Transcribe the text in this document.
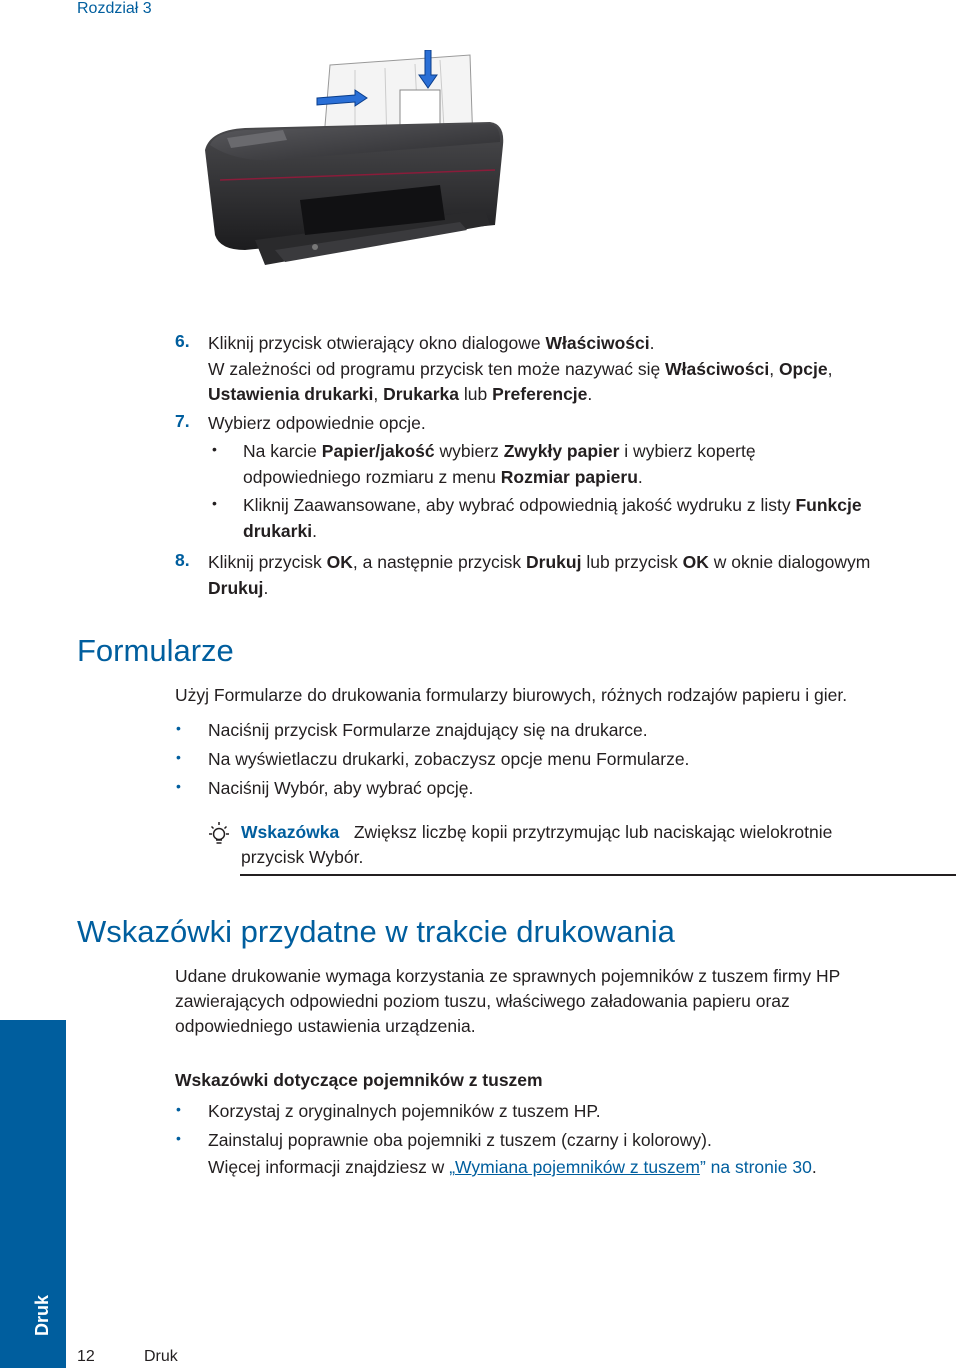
Rozdział 3
6. Kliknij przycisk otwierający okno dialogowe Właściwości.
W zależności od programu przycisk ten może nazywać się Właściwości, Opcje,
Ustawienia drukarki, Drukarka lub Preferencje.
7. Wybierz odpowiednie opcje.
• Na karcie Papier/jakość wybierz Zwykły papier i wybierz kopertę
odpowiedniego rozmiaru z menu Rozmiar papieru.
• Kliknij Zaawansowane, aby wybrać odpowiednią jakość wydruku z listy Funkcje
drukarki.
8. Kliknij przycisk OK, a następnie przycisk Drukuj lub przycisk OK w oknie dialogowym
Drukuj.
Formularze
Użyj Formularze do drukowania formularzy biurowych, różnych rodzajów papieru i gier.
• Naciśnij przycisk Formularze znajdujący się na drukarce.
• Na wyświetlaczu drukarki, zobaczysz opcje menu Formularze.
• Naciśnij Wybór, aby wybrać opcję.
Wskazówka Zwiększ liczbę kopii przytrzymując lub naciskając wielokrotnie
przycisk Wybór.
Wskazówki przydatne w trakcie drukowania
Udane drukowanie wymaga korzystania ze sprawnych pojemników z tuszem firmy HP
zawierających odpowiedni poziom tuszu, właściwego załadowania papieru oraz
odpowiedniego ustawienia urządzenia.
Wskazówki dotyczące pojemników z tuszem
• Korzystaj z oryginalnych pojemników z tuszem HP.
• Zainstaluj poprawnie oba pojemniki z tuszem (czarny i kolorowy).
Więcej informacji znajdziesz w „Wymiana pojemników z tuszem” na stronie 30.
Druk
12	Druk
